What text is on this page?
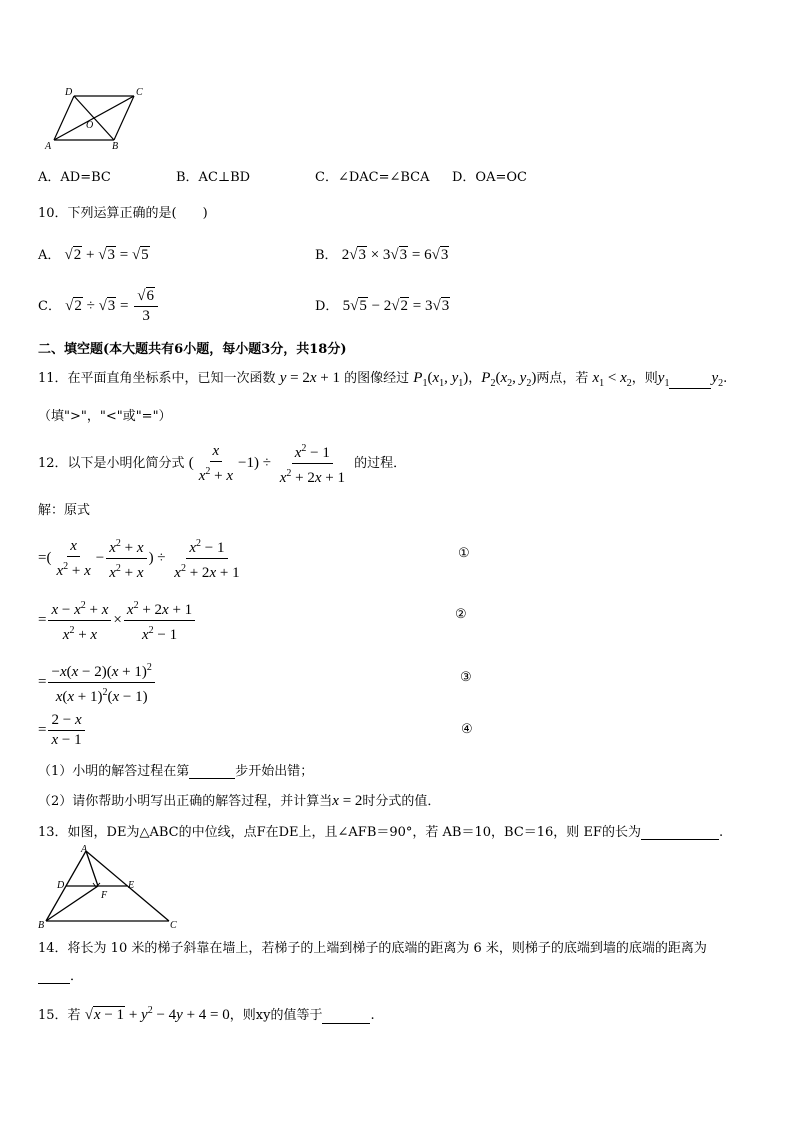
D	C
O
A	B
A．AD=BC	B．AC⊥BD	C．∠DAC=∠BCA D．OA=OC
10．下列运算正确的是(　　)
A． √2 + √3 = √5	B． 2√3 × 3√3 = 6√3
C． $√2 \div √3 = \frac{√6}{3}$	D． 5√5 − 2√2 = 3√3
二、填空题(本大题共有6小题，每小题3分，共18分)
11．在平面直角坐标系中，已知一次函数 y = 2x + 1 的图像经过 $P_1(x_1$, $y_1$)，$P_2(x_2$, $y_2$)两点，若 $x_1 < x_2$，则$y_1$	$y_2$.
（填">"，"<"或"="）
12．以下是小明化简分式 ( $\frac{x}{x^2 + x} -1) \div \frac{x^2 - 1}{x^2 + 2x + 1}$ 的过程．
解：原式
=( $\frac{x}{x^2 + x} - \frac{x^2 + x}{x^2 + x}$ ) ÷ $\frac{x^2 - 1}{x^2 + 2x + 1}$	①
= $\frac{x - x^2 + x}{x^2 + x} \times \frac{x^2 + 2x + 1}{x^2 - 1}$	②
= $\frac{-x(x - 2)(x + 1)^2}{x(x + 1)^2(x - 1)}$	③
= $\frac{2 - x}{x - 1}$	④
（1）小明的解答过程在第	步开始出错；
（2）请你帮助小明写出正确的解答过程，并计算当x = 2时分式的值．
13．如图，DE为△ABC的中位线，点F在DE上，且∠AFB＝90°，若 AB＝10，BC＝16，则 EF的长为	.
A
D	E
F
B	C
14．将长为 10 米的梯子斜靠在墙上，若梯子的上端到梯子的底端的距离为 6 米，则梯子的底端到墙的底端的距离为
．
15．若 $√x - 1 + y^2 - 4y + 4 = 0$，则xy的值等于	.
